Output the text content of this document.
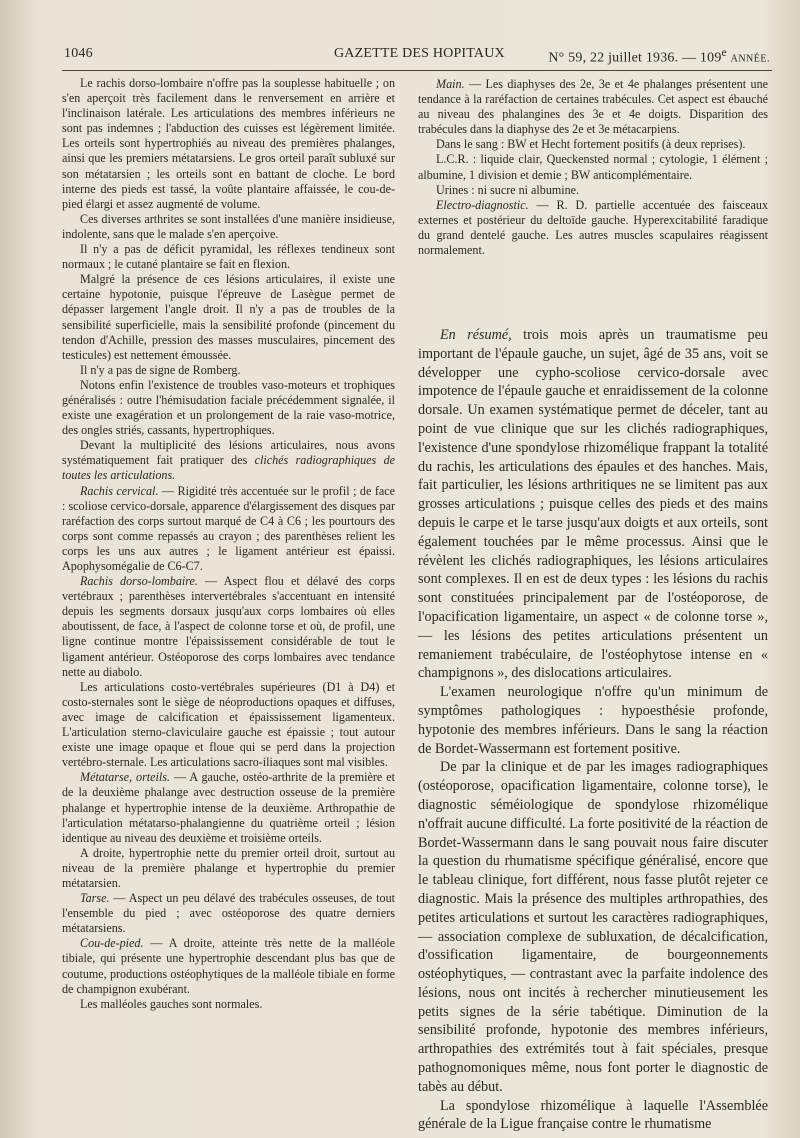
1046	GAZETTE DES HOPITAUX	N° 59, 22 juillet 1936. — 109e ANNÉE.

Le rachis dorso-lombaire n'offre pas la souplesse habituelle ; on s'en aperçoit très facilement dans le renversement en arrière et l'inclinaison latérale. Les articulations des membres inférieurs ne sont pas indemnes ; l'abduction des cuisses est légèrement limitée. Les orteils sont hypertrophiés au niveau des premières phalanges, ainsi que les premiers métatarsiens. Le gros orteil paraît subluxé sur son métatarsien ; les orteils sont en battant de cloche. Le bord interne des pieds est tassé, la voûte plantaire affaissée, le cou-de-pied élargi et assez augmenté de volume.

Ces diverses arthrites se sont installées d'une manière insidieuse, indolente, sans que le malade s'en aperçoive.

Il n'y a pas de déficit pyramidal, les réflexes tendineux sont normaux ; le cutané plantaire se fait en flexion.

Malgré la présence de ces lésions articulaires, il existe une certaine hypotonie, puisque l'épreuve de Lasègue permet de dépasser largement l'angle droit. Il n'y a pas de troubles de la sensibilité superficielle, mais la sensibilité profonde (pincement du tendon d'Achille, pression des masses musculaires, pincement des testicules) est nettement émoussée.

Il n'y a pas de signe de Romberg.

Notons enfin l'existence de troubles vaso-moteurs et trophiques généralisés : outre l'hémisudation faciale précédemment signalée, il existe une exagération et un prolongement de la raie vaso-motrice, des ongles striés, cassants, hypertrophiques.

Devant la multiplicité des lésions articulaires, nous avons systématiquement fait pratiquer des clichés radiographiques de toutes les articulations.

Rachis cervical. — Rigidité très accentuée sur le profil ; de face : scoliose cervico-dorsale, apparence d'élargissement des disques par raréfaction des corps surtout marqué de C4 à C6 ; les pourtours des corps sont comme repassés au crayon ; des parenthèses relient les corps les uns aux autres ; le ligament antérieur est épaissi. Apophysomégalie de C6-C7.

Rachis dorso-lombaire. — Aspect flou et délavé des corps vertébraux ; parenthèses intervertébrales s'accentuant en intensité depuis les segments dorsaux jusqu'aux corps lombaires où elles aboutissent, de face, à l'aspect de colonne torse et où, de profil, une ligne continue montre l'épaississement considérable de tout le ligament antérieur. Ostéoporose des corps lombaires avec tendance nette au diabolo.

Les articulations costo-vertébrales supérieures (D1 à D4) et costo-sternales sont le siège de néoproductions opaques et diffuses, avec image de calcification et épaississement ligamenteux. L'articulation sterno-claviculaire gauche est épaissie ; tout autour existe une image opaque et floue qui se perd dans la projection vertébro-sternale. Les articulations sacro-iliaques sont mal visibles.

Métatarse, orteils. — A gauche, ostéo-arthrite de la première et de la deuxième phalange avec destruction osseuse de la première phalange et hypertrophie intense de la deuxième. Arthropathie de l'articulation métatarso-phalangienne du quatrième orteil ; lésion identique au niveau des deuxième et troisième orteils.

A droite, hypertrophie nette du premier orteil droit, surtout au niveau de la première phalange et hypertrophie du premier métatarsien.

Tarse. — Aspect un peu délavé des trabécules osseuses, de tout l'ensemble du pied ; avec ostéoporose des quatre derniers métatarsiens.

Cou-de-pied. — A droite, atteinte très nette de la malléole tibiale, qui présente une hypertrophie descendant plus bas que de coutume, productions ostéophytiques de la malléole tibiale en forme de champignon exubérant.

Les malléoles gauches sont normales.

Main. — Les diaphyses des 2e, 3e et 4e phalanges présentent une tendance à la raréfaction de certaines trabécules. Cet aspect est ébauché au niveau des phalangines des 3e et 4e doigts. Disparition des trabécules dans la diaphyse des 2e et 3e métacarpiens.

Dans le sang : BW et Hecht fortement positifs (à deux reprises).

L.C.R. : liquide clair, Queckensted normal ; cytologie, 1 élément ; albumine, 1 division et demie ; BW anticomplémentaire.

Urines : ni sucre ni albumine.

Electro-diagnostic. — R. D. partielle accentuée des faisceaux externes et postérieur du deltoïde gauche. Hyperexcitabilité faradique du grand dentelé gauche. Les autres muscles scapulaires réagissent normalement.

En résumé, trois mois après un traumatisme peu important de l'épaule gauche, un sujet, âgé de 35 ans, voit se développer une cypho-scoliose cervico-dorsale avec impotence de l'épaule gauche et enraidissement de la colonne dorsale. Un examen systématique permet de déceler, tant au point de vue clinique que sur les clichés radiographiques, l'existence d'une spondylose rhizomélique frappant la totalité du rachis, les articulations des épaules et des hanches. Mais, fait particulier, les lésions arthritiques ne se limitent pas aux grosses articulations ; puisque celles des pieds et des mains depuis le carpe et le tarse jusqu'aux doigts et aux orteils, sont également touchées par le même processus. Ainsi que le révèlent les clichés radiographiques, les lésions articulaires sont complexes. Il en est de deux types : les lésions du rachis sont constituées principalement par de l'ostéoporose, de l'opacification ligamentaire, un aspect « de colonne torse », — les lésions des petites articulations présentent un remaniement trabéculaire, de l'ostéophytose intense en « champignons », des dislocations articulaires.

L'examen neurologique n'offre qu'un minimum de symptômes pathologiques : hypoesthésie profonde, hypotonie des membres inférieurs. Dans le sang la réaction de Bordet-Wassermann est fortement positive.

De par la clinique et de par les images radiographiques (ostéoporose, opacification ligamentaire, colonne torse), le diagnostic séméiologique de spondylose rhizomélique n'offrait aucune difficulté. La forte positivité de la réaction de Bordet-Wassermann dans le sang pouvait nous faire discuter la question du rhumatisme spécifique généralisé, encore que le tableau clinique, fort différent, nous fasse plutôt rejeter ce diagnostic. Mais la présence des multiples arthropathies, des petites articulations et surtout les caractères radiographiques, — association complexe de subluxation, de décalcification, d'ossification ligamentaire, de bourgeonnements ostéophytiques, — contrastant avec la parfaite indolence des lésions, nous ont incités à rechercher minutieusement les petits signes de la série tabétique. Diminution de la sensibilité profonde, hypotonie des membres inférieurs, arthropathies des extrémités tout à fait spéciales, presque pathognomoniques même, nous font porter le diagnostic de tabès au début.

La spondylose rhizomélique à laquelle l'Assemblée générale de la Ligue française contre le rhumatisme
